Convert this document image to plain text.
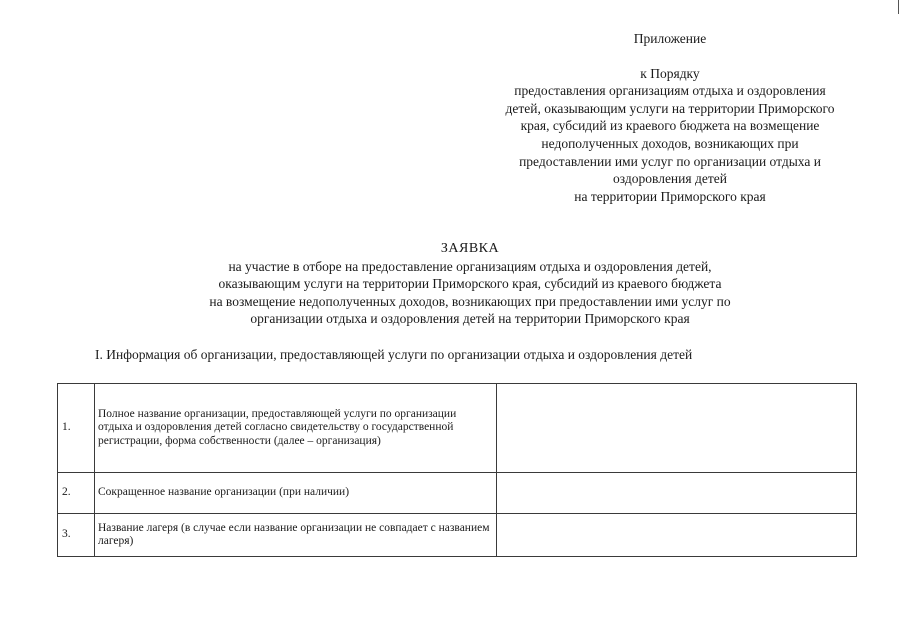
Приложение
к Порядку
предоставления организациям отдыха и оздоровления
детей, оказывающим услуги на территории Приморского
края, субсидий из краевого бюджета на возмещение
недополученных доходов, возникающих при
предоставлении ими услуг по организации отдыха и
оздоровления детей
на территории Приморского края
ЗАЯВКА
на участие в отборе на предоставление организациям отдыха и оздоровления детей,
оказывающим услуги на территории Приморского края, субсидий из краевого бюджета
на возмещение недополученных доходов, возникающих при предоставлении ими услуг по
организации отдыха и оздоровления детей на территории Приморского края
I. Информация об организации, предоставляющей услуги по организации отдыха и оздоровления детей
1.	Полное название организации, предоставляющей услуги по организации отдыха и оздоровления детей согласно свидетельству о государственной регистрации, форма собственности (далее – организация)	
2.	Сокращенное название организации (при наличии)	
3.	Название лагеря (в случае если название организации не совпадает с названием лагеря)	
